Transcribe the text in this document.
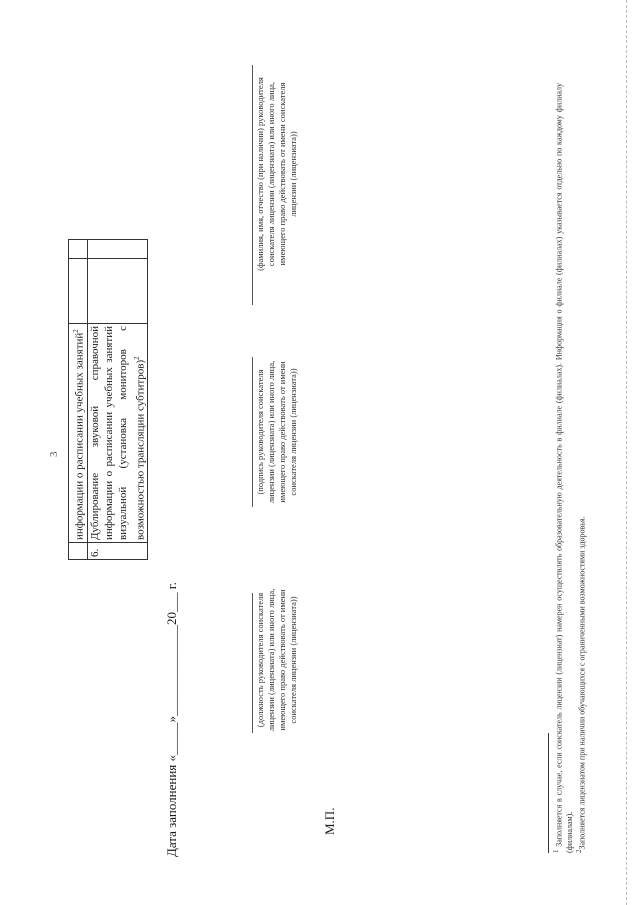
3
	информации о расписании учебных занятий$^2$		
6.	Дублирование звуковой справочной информации о расписании учебных занятий визуальной (установка мониторов с возможностью трансляции субтитров)$^2$		
Дата заполнения «_____»______________20___ г.
(должность руководителя соискателя лицензии (лицензиата) или иного лица, имеющего право действовать от имени соискателя лицензии (лицензиата))
(подпись руководителя соискателя лицензии (лицензиата) или иного лица, имеющего право действовать от имени соискателя лицензии (лицензиата))
(фамилия, имя, отчество (при наличии) руководителя соискателя лицензии (лицензиата) или иного лица, имеющего право действовать от имени соискателя лицензии (лицензиата))
М.П.
1 Заполняется в случае, если соискатель лицензии (лицензиат) намерен осуществлять образовательную деятельность в филиале (филиалах). Информация о филиале (филиалах) указывается отдельно по каждому филиалу (филиалам). 2Заполняется лицензиатом при наличии обучающихся с ограниченными возможностями здоровья.
